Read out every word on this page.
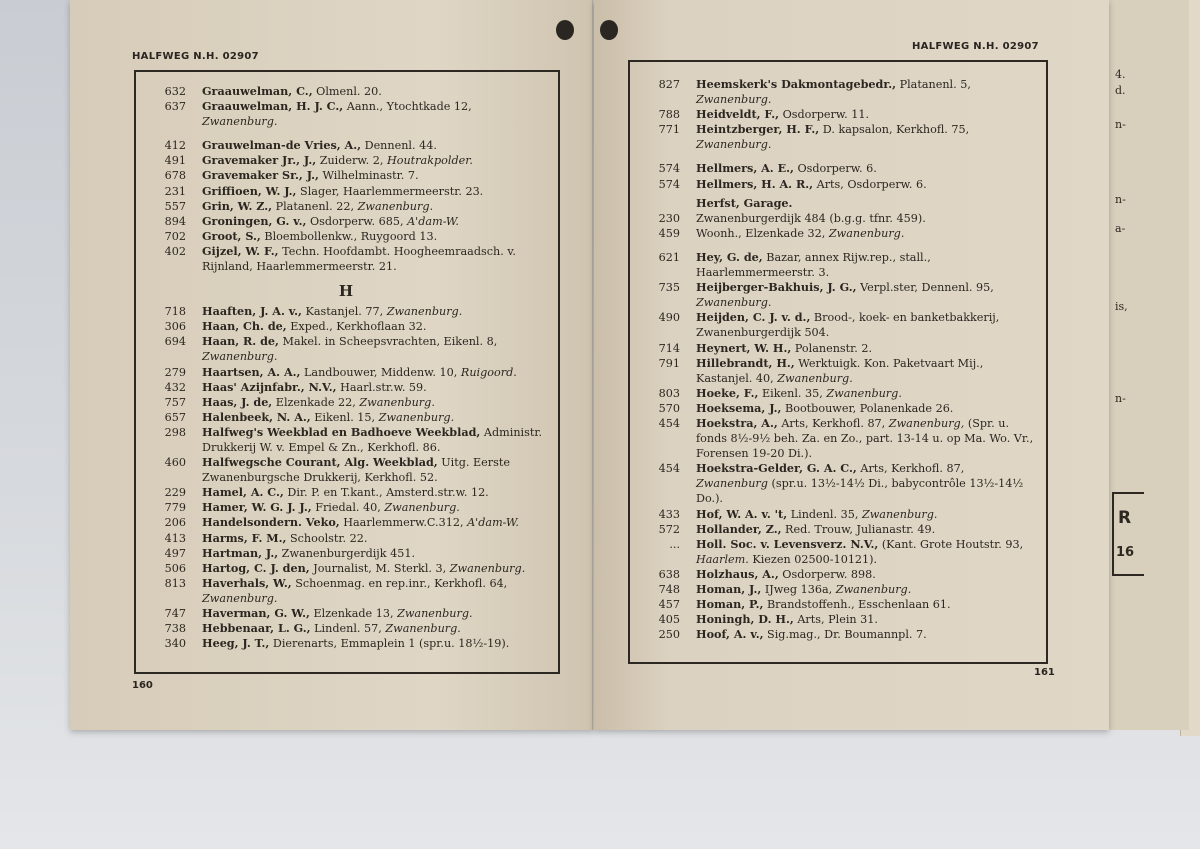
HALFWEG N.H. 02907

632 Graauwelman, C., Olmenl. 20.

637 Graauwelman, H. J. C., Aann., Ytochtkade 12, Zwanenburg.

412 Grauwelman-de Vries, A., Dennenl. 44.

491 Gravemaker Jr., J., Zuiderw. 2, Houtrakpolder.

678 Gravemaker Sr., J., Wilhelminastr. 7.

231 Griffioen, W. J., Slager, Haarlemmermeerstr. 23.

557 Grin, W. Z., Platanenl. 22, Zwanenburg.

894 Groningen, G. v., Osdorperw. 685, A'dam-W.

702 Groot, S., Bloembollenkw., Ruygoord 13.

402 Gijzel, W. F., Techn. Hoofdambt. Hoogheemraadsch. v. Rijnland, Haarlemmermeerstr. 21.

H

718 Haaften, J. A. v., Kastanjel. 77, Zwanenburg.

306 Haan, Ch. de, Exped., Kerkhoflaan 32.

694 Haan, R. de, Makel. in Scheepsvrachten, Eikenl. 8, Zwanenburg.

279 Haartsen, A. A., Landbouwer, Middenw. 10, Ruigoord.

432 Haas' Azijnfabr., N.V., Haarl.str.w. 59.

757 Haas, J. de, Elzenkade 22, Zwanenburg.

657 Halenbeek, N. A., Eikenl. 15, Zwanenburg.

298 Halfweg's Weekblad en Badhoeve Weekblad, Administr. Drukkerij W. v. Empel & Zn., Kerkhofl. 86.

460 Halfwegsche Courant, Alg. Weekblad, Uitg. Eerste Zwanenburgsche Drukkerij, Kerkhofl. 52.

229 Hamel, A. C., Dir. P. en T.kant., Amsterd.str.w. 12.

779 Hamer, W. G. J. J., Friedal. 40, Zwanenburg.

206 Handelsondern. Veko, Haarlemmerw.C.312, A'dam-W.

413 Harms, F. M., Schoolstr. 22.

497 Hartman, J., Zwanenburgerdijk 451.

506 Hartog, C. J. den, Journalist, M. Sterkl. 3, Zwanenburg.

813 Haverhals, W., Schoenmag. en rep.inr., Kerkhofl. 64, Zwanenburg.

747 Haverman, G. W., Elzenkade 13, Zwanenburg.

738 Hebbenaar, L. G., Lindenl. 57, Zwanenburg.

340 Heeg, J. T., Dierenarts, Emmaplein 1 (spr.u. 18½-19).

160
HALFWEG N.H. 02907

827 Heemskerk's Dakmontagebedr., Platanenl. 5, Zwanenburg.

788 Heidveldt, F., Osdorperw. 11.

771 Heintzberger, H. F., D. kapsalon, Kerkhofl. 75, Zwanenburg.

574 Hellmers, A. E., Osdorperw. 6.

574 Hellmers, H. A. R., Arts, Osdorperw. 6.

Herfst, Garage.

230 Zwanenburgerdijk 484 (b.g.g. tfnr. 459).

459 Woonh., Elzenkade 32, Zwanenburg.

621 Hey, G. de, Bazar, annex Rijw.rep., stall., Haarlemmermeerstr. 3.

735 Heijberger-Bakhuis, J. G., Verpl.ster, Dennenl. 95, Zwanenburg.

490 Heijden, C. J. v. d., Brood-, koek- en banketbakkerij, Zwanenburgerdijk 504.

714 Heynert, W. H., Polanenstr. 2.

791 Hillebrandt, H., Werktuigk. Kon. Paketvaart Mij., Kastanjel. 40, Zwanenburg.

803 Hoeke, F., Eikenl. 35, Zwanenburg.

570 Hoeksema, J., Bootbouwer, Polanenkade 26.

454 Hoekstra, A., Arts, Kerkhofl. 87, Zwanenburg, (Spr. u. fonds 8½-9½ beh. Za. en Zo., part. 13-14 u. op Ma. Wo. Vr., Forensen 19-20 Di.).

454 Hoekstra-Gelder, G. A. C., Arts, Kerkhofl. 87, Zwanenburg (spr.u. 13½-14½ Di., babycontrôle 13½-14½ Do.).

433 Hof, W. A. v. 't, Lindenl. 35, Zwanenburg.

572 Hollander, Z., Red. Trouw, Julianastr. 49.

... Holl. Soc. v. Levensverz. N.V., (Kant. Grote Houtstr. 93, Haarlem. Kiezen 02500-10121).

638 Holzhaus, A., Osdorperw. 898.

748 Homan, J., IJweg 136a, Zwanenburg.

457 Homan, P., Brandstoffenh., Esschenlaan 61.

405 Honingh, D. H., Arts, Plein 31.

250 Hoof, A. v., Sig.mag., Dr. Boumannpl. 7.

161
4.
d.
n-
n-
a-
is,
n-
R
16
